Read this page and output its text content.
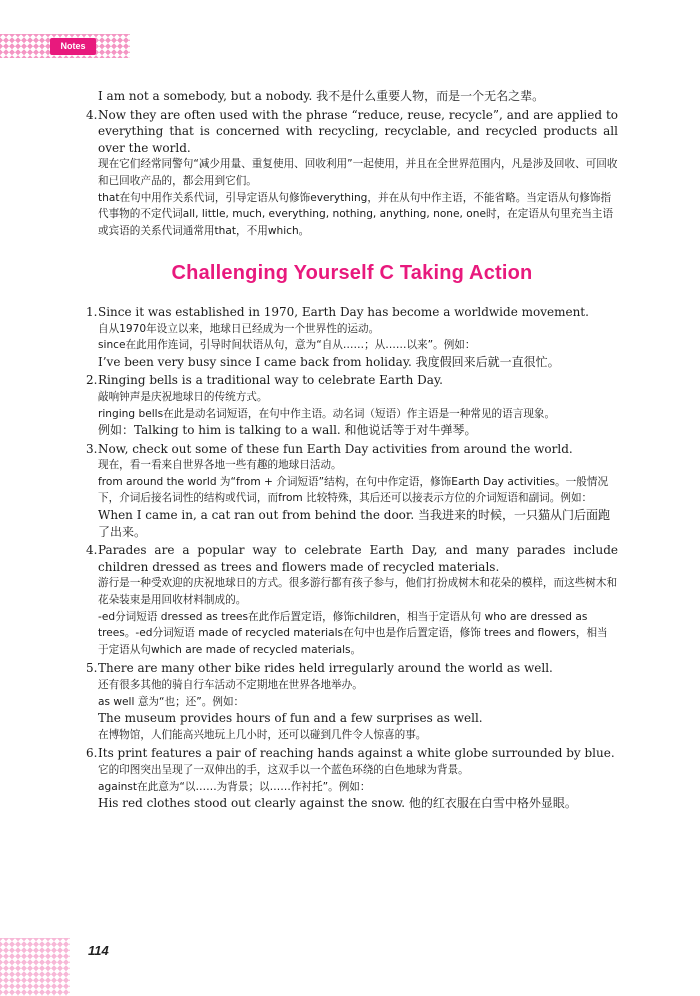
Notes

I am not a somebody, but a nobody. 我不是什么重要人物，而是一个无名之辈。

4. Now they are often used with the phrase “reduce, reuse, recycle”, and are applied to everything that is concerned with recycling, recyclable, and recycled products all over the world.

现在它们经常同警句“减少用量、重复使用、回收利用”一起使用，并且在全世界范围内，凡是涉及回收、可回收和已回收产品的，都会用到它们。

that在句中用作关系代词，引导定语从句修饰everything，并在从句中作主语，不能省略。当定语从句修饰指代事物的不定代词all, little, much, everything, nothing, anything, none, one时，在定语从句里充当主语或宾语的关系代词通常用that，不用which。

Challenging Yourself C Taking Action
1. Since it was established in 1970, Earth Day has become a worldwide movement.

自从1970年设立以来，地球日已经成为一个世界性的运动。

since在此用作连词，引导时间状语从句，意为“自从……；从……以来”。例如：

I’ve been very busy since I came back from holiday. 我度假回来后就一直很忙。

2. Ringing bells is a traditional way to celebrate Earth Day.

敲响钟声是庆祝地球日的传统方式。

ringing bells在此是动名词短语，在句中作主语。动名词（短语）作主语是一种常见的语言现象。

例如：Talking to him is talking to a wall. 和他说话等于对牛弹琴。

3. Now, check out some of these fun Earth Day activities from around the world.

现在，看一看来自世界各地一些有趣的地球日活动。

from around the world 为“from + 介词短语”结构，在句中作定语，修饰Earth Day activities。一般情况下，介词后接名词性的结构或代词，而from 比较特殊，其后还可以接表示方位的介词短语和副词。例如：

When I came in, a cat ran out from behind the door. 当我进来的时候，一只猫从门后面跑了出来。

4. Parades are a popular way to celebrate Earth Day, and many parades include children dressed as trees and flowers made of recycled materials.

游行是一种受欢迎的庆祝地球日的方式。很多游行都有孩子参与，他们打扮成树木和花朵的模样，而这些树木和花朵装束是用回收材料制成的。

-ed分词短语 dressed as trees在此作后置定语，修饰children，相当于定语从句 who are dressed as trees。-ed分词短语 made of recycled materials在句中也是作后置定语，修饰 trees and flowers，相当于定语从句which are made of recycled materials。

5. There are many other bike rides held irregularly around the world as well.

还有很多其他的骑自行车活动不定期地在世界各地举办。

as well 意为“也；还”。例如：

The museum provides hours of fun and a few surprises as well.

在博物馆，人们能高兴地玩上几小时，还可以碰到几件令人惊喜的事。

6. Its print features a pair of reaching hands against a white globe surrounded by blue.

它的印图突出呈现了一双伸出的手，这双手以一个蓝色环绕的白色地球为背景。

against在此意为“以……为背景；以……作衬托”。例如：

His red clothes stood out clearly against the snow. 他的红衣服在白雪中格外显眼。

114
